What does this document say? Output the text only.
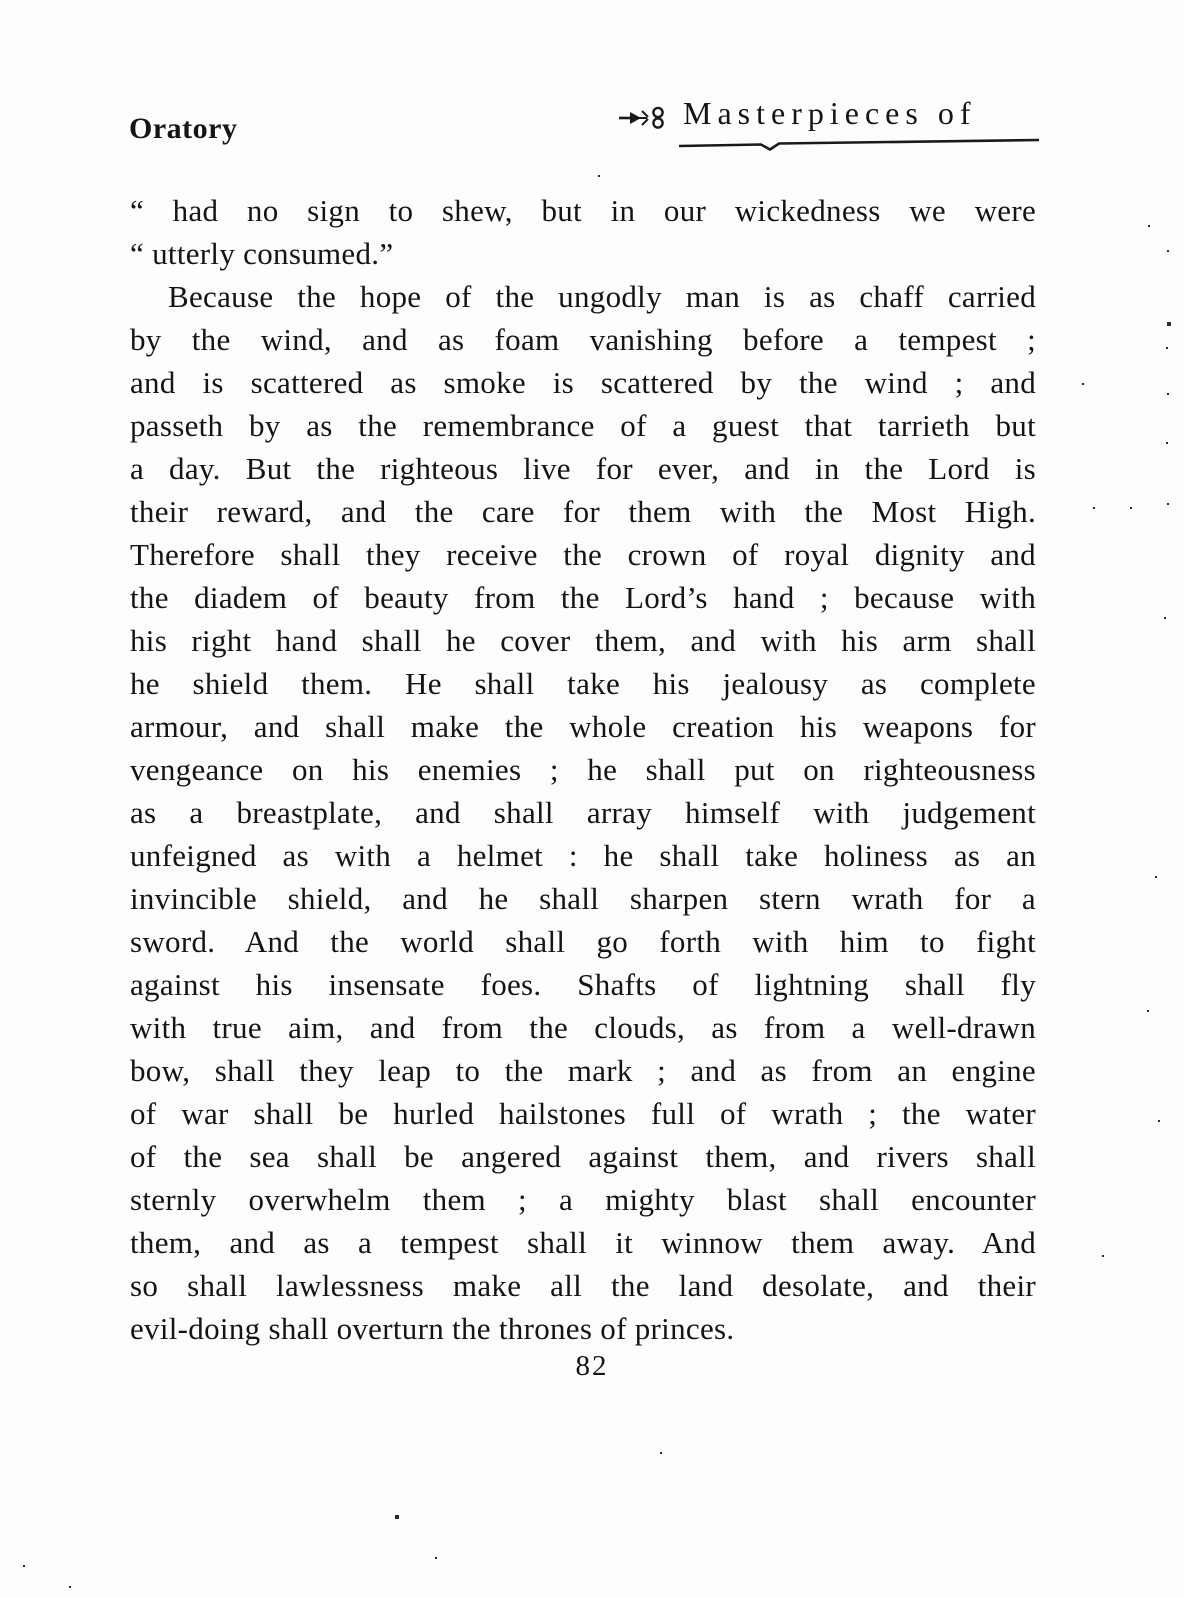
Oratory	Masterpieces of
“ had no sign to shew, but in our wickedness we were
“ utterly consumed.”
Because the hope of the ungodly man is as chaff carried
by the wind, and as foam vanishing before a tempest ;
and is scattered as smoke is scattered by the wind ; and
passeth by as the remembrance of a guest that tarrieth but
a day. But the righteous live for ever, and in the Lord is
their reward, and the care for them with the Most High.
Therefore shall they receive the crown of royal dignity and
the diadem of beauty from the Lord’s hand ; because with
his right hand shall he cover them, and with his arm shall
he shield them. He shall take his jealousy as complete
armour, and shall make the whole creation his weapons for
vengeance on his enemies ; he shall put on righteousness
as a breastplate, and shall array himself with judgement
unfeigned as with a helmet : he shall take holiness as an
invincible shield, and he shall sharpen stern wrath for a
sword. And the world shall go forth with him to fight
against his insensate foes. Shafts of lightning shall fly
with true aim, and from the clouds, as from a well-drawn
bow, shall they leap to the mark ; and as from an engine
of war shall be hurled hailstones full of wrath ; the water
of the sea shall be angered against them, and rivers shall
sternly overwhelm them ; a mighty blast shall encounter
them, and as a tempest shall it winnow them away. And
so shall lawlessness make all the land desolate, and their
evil-doing shall overturn the thrones of princes.
82
